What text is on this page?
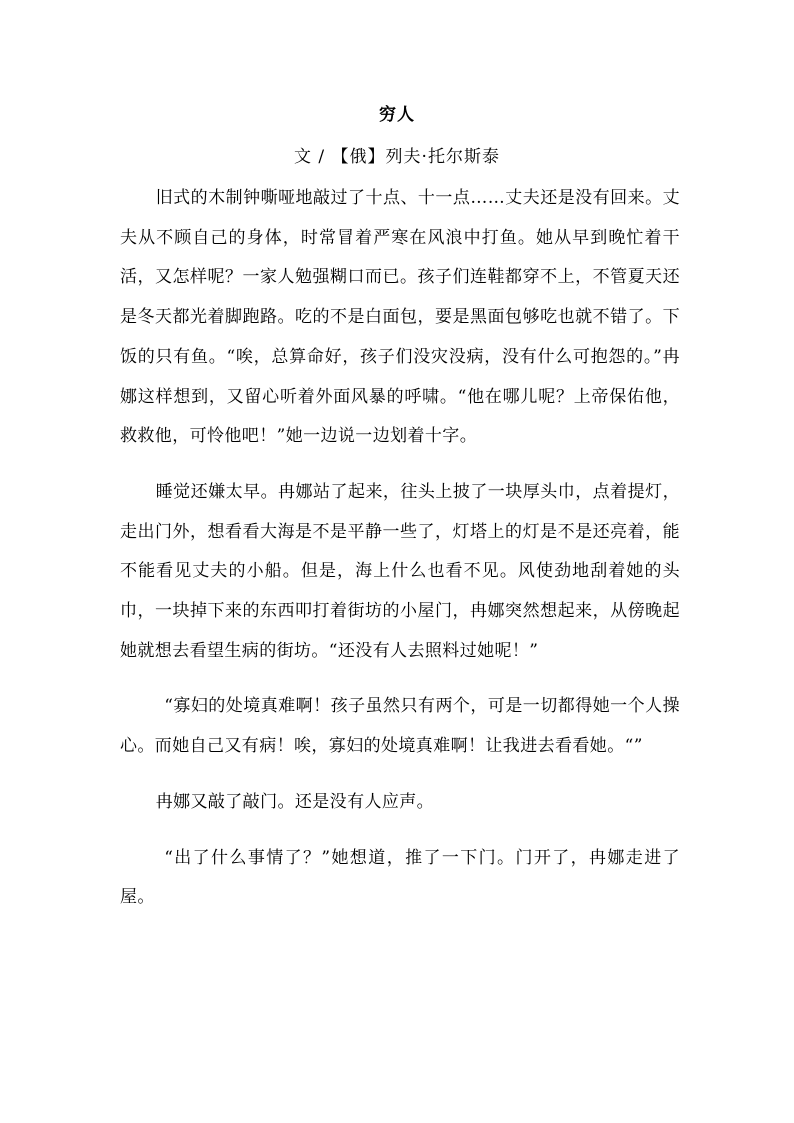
穷人
文 / 【俄】列夫·托尔斯泰

旧式的木制钟嘶哑地敲过了十点、十一点……丈夫还是没有回来。丈夫从不顾自己的身体，时常冒着严寒在风浪中打鱼。她从早到晚忙着干活，又怎样呢？一家人勉强糊口而已。孩子们连鞋都穿不上，不管夏天还是冬天都光着脚跑路。吃的不是白面包，要是黑面包够吃也就不错了。下饭的只有鱼。“唉，总算命好，孩子们没灾没病，没有什么可抱怨的。”冉娜这样想到，又留心听着外面风暴的呼啸。“他在哪儿呢？上帝保佑他，救救他，可怜他吧！”她一边说一边划着十字。

睡觉还嫌太早。冉娜站了起来，往头上披了一块厚头巾，点着提灯，走出门外，想看看大海是不是平静一些了，灯塔上的灯是不是还亮着，能不能看见丈夫的小船。但是，海上什么也看不见。风使劲地刮着她的头巾，一块掉下来的东西叩打着街坊的小屋门，冉娜突然想起来，从傍晚起她就想去看望生病的街坊。“还没有人去照料过她呢！”

“寡妇的处境真难啊！孩子虽然只有两个，可是一切都得她一个人操心。而她自己又有病！唉，寡妇的处境真难啊！让我进去看看她。“”

冉娜又敲了敲门。还是没有人应声。

“出了什么事情了？”她想道，推了一下门。门开了，冉娜走进了屋。
